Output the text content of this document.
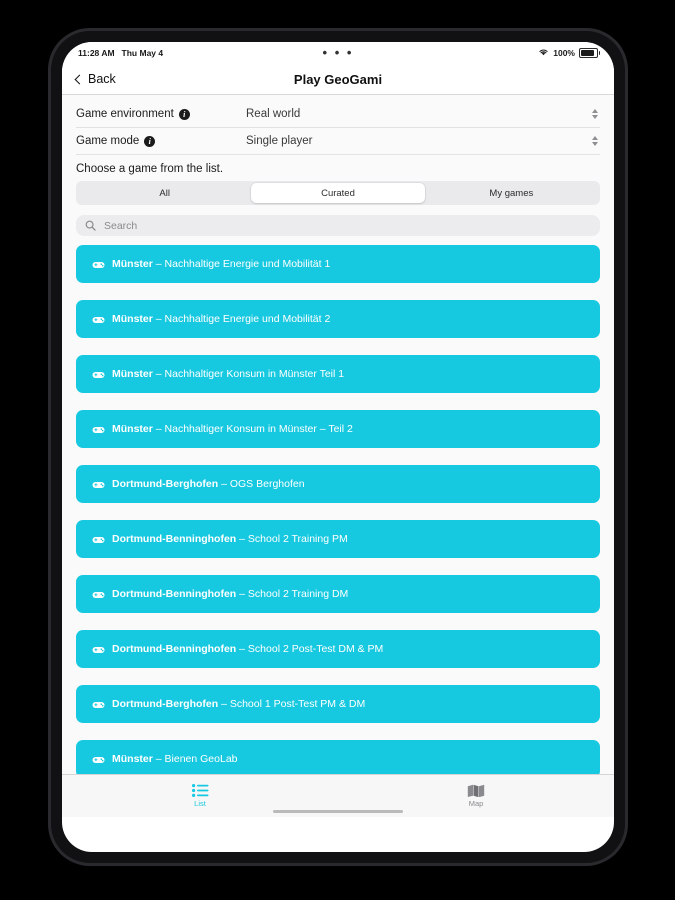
11:28 AM Thu May 4	• • •	100%
Back	Play GeoGami
Game environment	i	Real world
Game mode	i	Single player
Choose a game from the list.
All	Curated	My games
Search
Münster – Nachhaltige Energie und Mobilität 1
Münster – Nachhaltige Energie und Mobilität 2
Münster – Nachhaltiger Konsum in Münster Teil 1
Münster – Nachhaltiger Konsum in Münster – Teil 2
Dortmund-Berghofen – OGS Berghofen
Dortmund-Benninghofen – School 2 Training PM
Dortmund-Benninghofen – School 2 Training DM
Dortmund-Benninghofen – School 2 Post-Test DM & PM
Dortmund-Berghofen – School 1 Post-Test PM & DM
Münster – Bienen GeoLab
List	Map
